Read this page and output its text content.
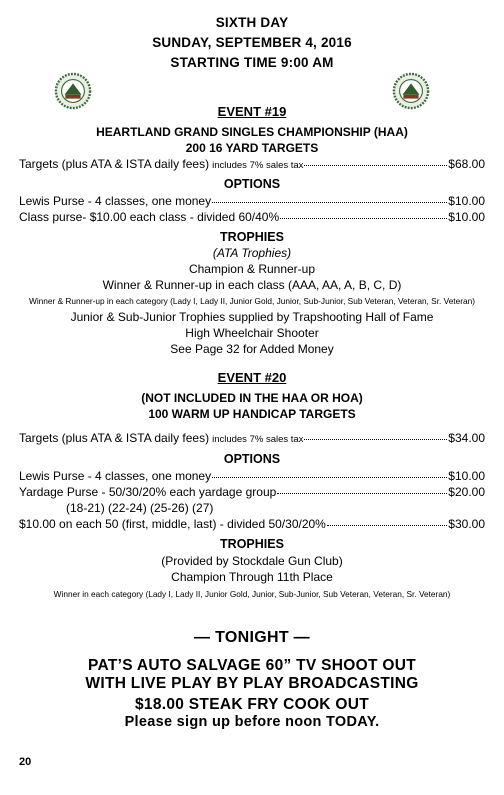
SIXTH DAY
SUNDAY, SEPTEMBER 4, 2016
STARTING TIME 9:00 AM
EVENT #19
HEARTLAND GRAND SINGLES CHAMPIONSHIP (HAA)
200 16 YARD TARGETS
Targets (plus ATA & ISTA daily fees) includes 7% sales tax	$68.00
OPTIONS
Lewis Purse - 4 classes, one money	$10.00
Class purse- $10.00 each class - divided 60/40%	$10.00
TROPHIES
(ATA Trophies)
Champion & Runner-up
Winner & Runner-up in each class (AAA, AA, A, B, C, D)
Winner & Runner-up in each category (Lady I, Lady II, Junior Gold, Junior, Sub-Junior, Sub Veteran, Veteran, Sr. Veteran)
Junior & Sub-Junior Trophies supplied by Trapshooting Hall of Fame
High Wheelchair Shooter
See Page 32 for Added Money
EVENT #20
(NOT INCLUDED IN THE HAA OR HOA)
100 WARM UP HANDICAP TARGETS
Targets (plus ATA & ISTA daily fees) includes 7% sales tax	$34.00
OPTIONS
Lewis Purse - 4 classes, one money	$10.00
Yardage Purse - 50/30/20% each yardage group	$20.00
(18-21) (22-24) (25-26) (27)
$10.00 on each 50 (first, middle, last) - divided 50/30/20%	$30.00
TROPHIES
(Provided by Stockdale Gun Club)
Champion Through 11th Place
Winner in each category (Lady I, Lady II, Junior Gold, Junior, Sub-Junior, Sub Veteran, Veteran, Sr. Veteran)
— TONIGHT —
PAT’S AUTO SALVAGE 60” TV SHOOT OUT
WITH LIVE PLAY BY PLAY BROADCASTING
$18.00 STEAK FRY COOK OUT
Please sign up before noon TODAY.
20
